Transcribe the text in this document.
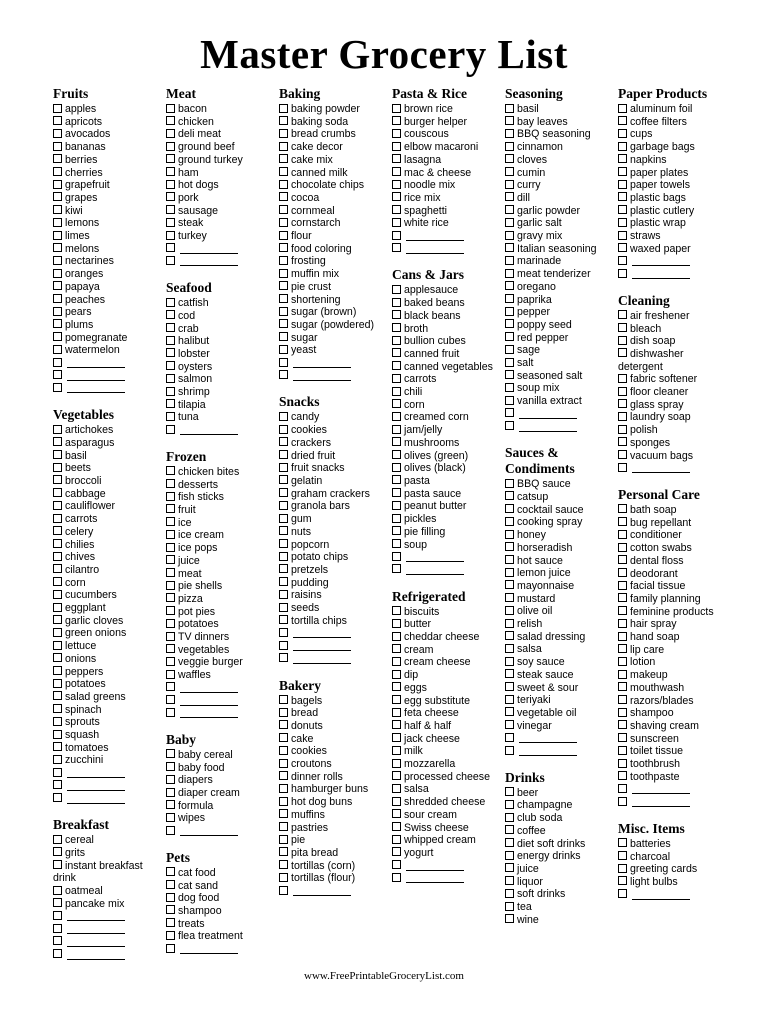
Master Grocery List
Fruits
apples
apricots
avocados
bananas
berries
cherries
grapefruit
grapes
kiwi
lemons
limes
melons
nectarines
oranges
papaya
peaches
pears
plums
pomegranate
watermelon
Vegetables
artichokes
asparagus
basil
beets
broccoli
cabbage
cauliflower
carrots
celery
chilies
chives
cilantro
corn
cucumbers
eggplant
garlic cloves
green onions
lettuce
onions
peppers
potatoes
salad greens
spinach
sprouts
squash
tomatoes
zucchini
Breakfast
cereal
grits
instant breakfast drink
oatmeal
pancake mix
Meat
bacon
chicken
deli meat
ground beef
ground turkey
ham
hot dogs
pork
sausage
steak
turkey
Seafood
catfish
cod
crab
halibut
lobster
oysters
salmon
shrimp
tilapia
tuna
Frozen
chicken bites
desserts
fish sticks
fruit
ice
ice cream
ice pops
juice
meat
pie shells
pizza
pot pies
potatoes
TV dinners
vegetables
veggie burger
waffles
Baby
baby cereal
baby food
diapers
diaper cream
formula
wipes
Pets
cat food
cat sand
dog food
shampoo
treats
flea treatment
Baking
baking powder
baking soda
bread crumbs
cake decor
cake mix
canned milk
chocolate chips
cocoa
cornmeal
cornstarch
flour
food coloring
frosting
muffin mix
pie crust
shortening
sugar (brown)
sugar (powdered)
sugar
yeast
Snacks
candy
cookies
crackers
dried fruit
fruit snacks
gelatin
graham crackers
granola bars
gum
nuts
popcorn
potato chips
pretzels
pudding
raisins
seeds
tortilla chips
Bakery
bagels
bread
donuts
cake
cookies
croutons
dinner rolls
hamburger buns
hot dog buns
muffins
pastries
pie
pita bread
tortillas (corn)
tortillas (flour)
Pasta & Rice
brown rice
burger helper
couscous
elbow macaroni
lasagna
mac & cheese
noodle mix
rice mix
spaghetti
white rice
Cans & Jars
applesauce
baked beans
black beans
broth
bullion cubes
canned fruit
canned vegetables
carrots
chili
corn
creamed corn
jam/jelly
mushrooms
olives (green)
olives (black)
pasta
pasta sauce
peanut butter
pickles
pie filling
soup
Refrigerated
biscuits
butter
cheddar cheese
cream
cream cheese
dip
eggs
egg substitute
feta cheese
half & half
jack cheese
milk
mozzarella
processed cheese
salsa
shredded cheese
sour cream
Swiss cheese
whipped cream
yogurt
Seasoning
basil
bay leaves
BBQ seasoning
cinnamon
cloves
cumin
curry
dill
garlic powder
garlic salt
gravy mix
Italian seasoning
marinade
meat tenderizer
oregano
paprika
pepper
poppy seed
red pepper
sage
salt
seasoned salt
soup mix
vanilla extract
Sauces & Condiments
BBQ sauce
catsup
cocktail sauce
cooking spray
honey
horseradish
hot sauce
lemon juice
mayonnaise
mustard
olive oil
relish
salad dressing
salsa
soy sauce
steak sauce
sweet & sour
teriyaki
vegetable oil
vinegar
Drinks
beer
champagne
club soda
coffee
diet soft drinks
energy drinks
juice
liquor
soft drinks
tea
wine
Paper Products
aluminum foil
coffee filters
cups
garbage bags
napkins
paper plates
paper towels
plastic bags
plastic cutlery
plastic wrap
straws
waxed paper
Cleaning
air freshener
bleach
dish soap
dishwasher detergent
fabric softener
floor cleaner
glass spray
laundry soap
polish
sponges
vacuum bags
Personal Care
bath soap
bug repellant
conditioner
cotton swabs
dental floss
deodorant
facial tissue
family planning
feminine products
hair spray
hand soap
lip care
lotion
makeup
mouthwash
razors/blades
shampoo
shaving cream
sunscreen
toilet tissue
toothbrush
toothpaste
Misc. Items
batteries
charcoal
greeting cards
light bulbs
www.FreePrintableGroceryList.com
